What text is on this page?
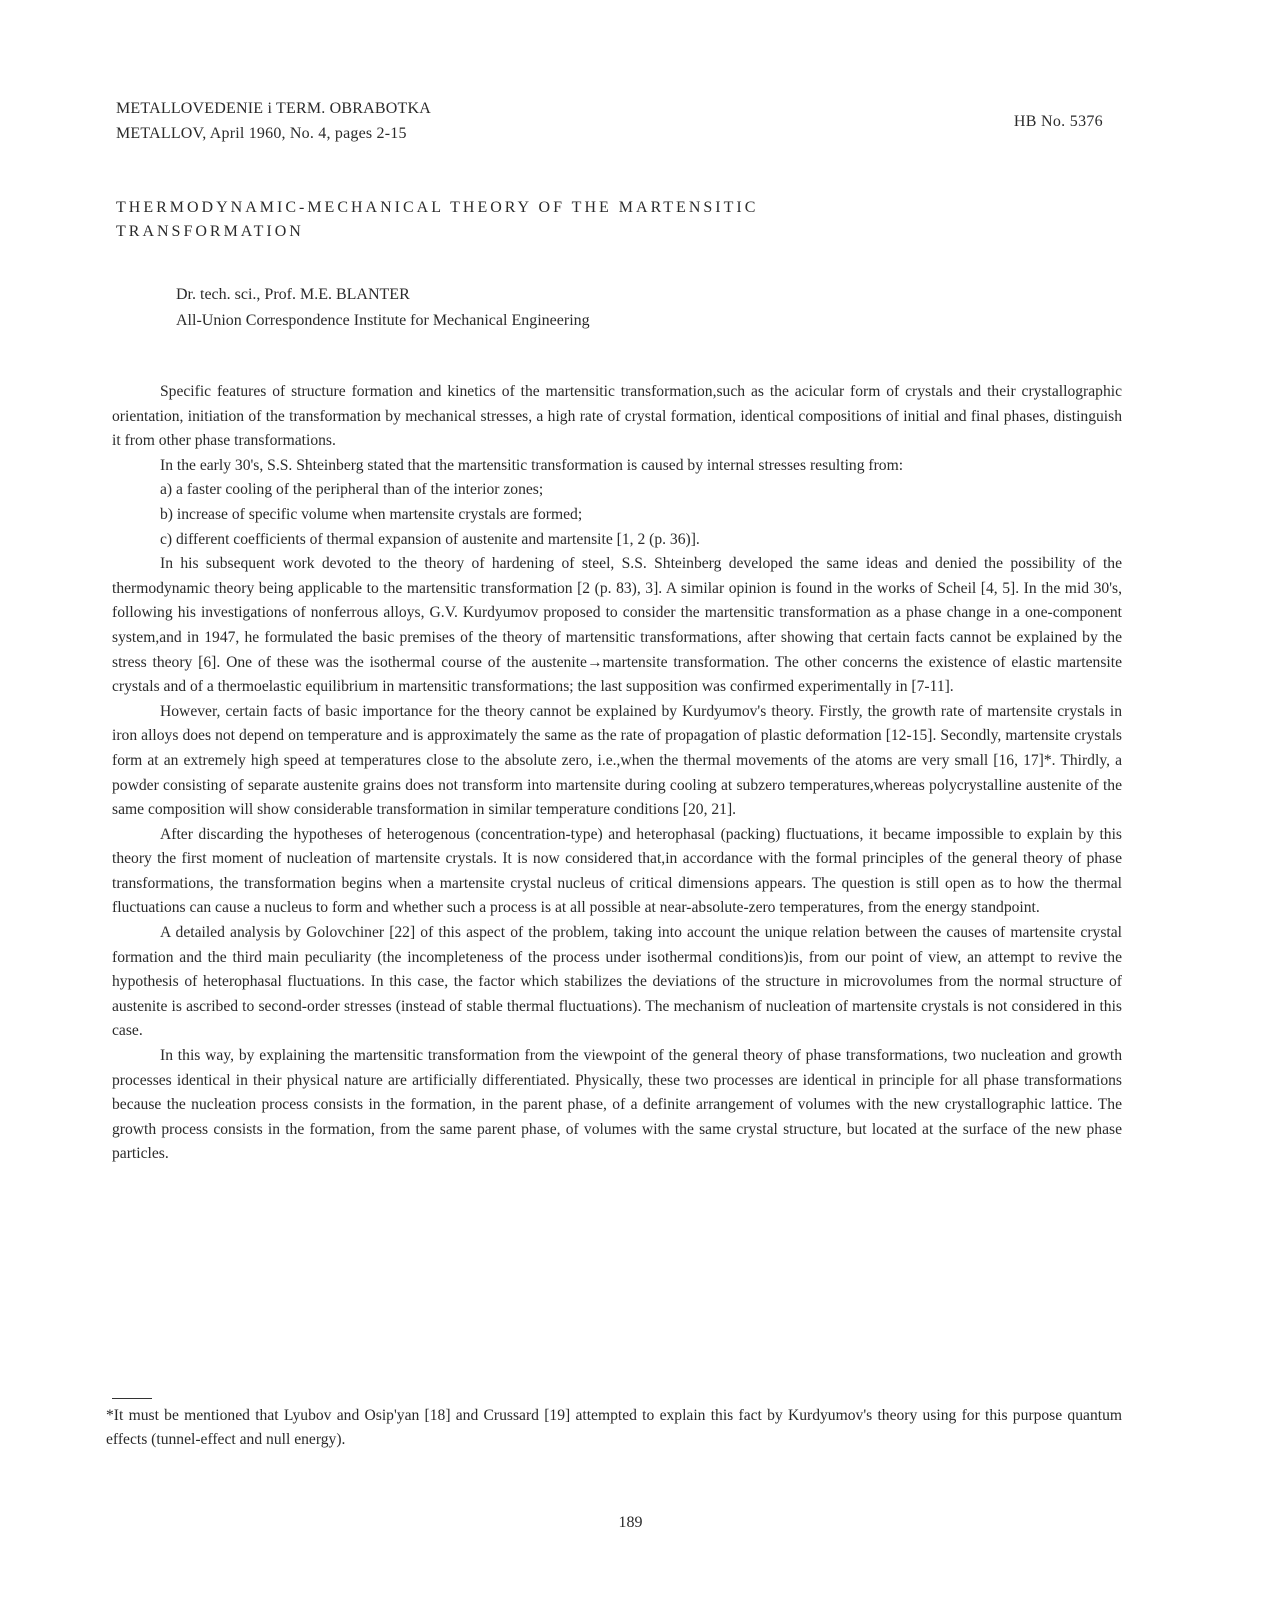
METALLOVEDENIE i TERM. OBRABOTKA
METALLOV, April 1960, No. 4, pages 2-15
HB No. 5376
THERMODYNAMIC-MECHANICAL THEORY OF THE MARTENSITIC TRANSFORMATION
Dr. tech. sci., Prof. M.E. BLANTER
All-Union Correspondence Institute for Mechanical Engineering

Specific features of structure formation and kinetics of the martensitic transformation,such as the acicular form of crystals and their crystallographic orientation, initiation of the transformation by mechanical stresses, a high rate of crystal formation, identical compositions of initial and final phases, distinguish it from other phase transformations.

In the early 30's, S.S. Shteinberg stated that the martensitic transformation is caused by internal stresses resulting from:

a) a faster cooling of the peripheral than of the interior zones;

b) increase of specific volume when martensite crystals are formed;

c) different coefficients of thermal expansion of austenite and martensite [1, 2 (p. 36)].

In his subsequent work devoted to the theory of hardening of steel, S.S. Shteinberg developed the same ideas and denied the possibility of the thermodynamic theory being applicable to the martensitic transformation [2 (p. 83), 3]. A similar opinion is found in the works of Scheil [4, 5]. In the mid 30's, following his investigations of nonferrous alloys, G.V. Kurdyumov proposed to consider the martensitic transformation as a phase change in a one-component system,and in 1947, he formulated the basic premises of the theory of martensitic transformations, after showing that certain facts cannot be explained by the stress theory [6]. One of these was the isothermal course of the austenite→martensite transformation. The other concerns the existence of elastic martensite crystals and of a thermoelastic equilibrium in martensitic transformations; the last supposition was confirmed experimentally in [7-11].

However, certain facts of basic importance for the theory cannot be explained by Kurdyumov's theory. Firstly, the growth rate of martensite crystals in iron alloys does not depend on temperature and is approximately the same as the rate of propagation of plastic deformation [12-15]. Secondly, martensite crystals form at an extremely high speed at temperatures close to the absolute zero, i.e.,when the thermal movements of the atoms are very small [16, 17]*. Thirdly, a powder consisting of separate austenite grains does not transform into martensite during cooling at subzero temperatures,whereas polycrystalline austenite of the same composition will show considerable transformation in similar temperature conditions [20, 21].

After discarding the hypotheses of heterogenous (concentration-type) and heterophasal (packing) fluctuations, it became impossible to explain by this theory the first moment of nucleation of martensite crystals. It is now considered that,in accordance with the formal principles of the general theory of phase transformations, the transformation begins when a martensite crystal nucleus of critical dimensions appears. The question is still open as to how the thermal fluctuations can cause a nucleus to form and whether such a process is at all possible at near-absolute-zero temperatures, from the energy standpoint.

A detailed analysis by Golovchiner [22] of this aspect of the problem, taking into account the unique relation between the causes of martensite crystal formation and the third main peculiarity (the incompleteness of the process under isothermal conditions)is, from our point of view, an attempt to revive the hypothesis of heterophasal fluctuations. In this case, the factor which stabilizes the deviations of the structure in microvolumes from the normal structure of austenite is ascribed to second-order stresses (instead of stable thermal fluctuations). The mechanism of nucleation of martensite crystals is not considered in this case.

In this way, by explaining the martensitic transformation from the viewpoint of the general theory of phase transformations, two nucleation and growth processes identical in their physical nature are artificially differentiated. Physically, these two processes are identical in principle for all phase transformations because the nucleation process consists in the formation, in the parent phase, of a definite arrangement of volumes with the new crystallographic lattice. The growth process consists in the formation, from the same parent phase, of volumes with the same crystal structure, but located at the surface of the new phase particles.

*It must be mentioned that Lyubov and Osip'yan [18] and Crussard [19] attempted to explain this fact by Kurdyumov's theory using for this purpose quantum effects (tunnel-effect and null energy).
189
